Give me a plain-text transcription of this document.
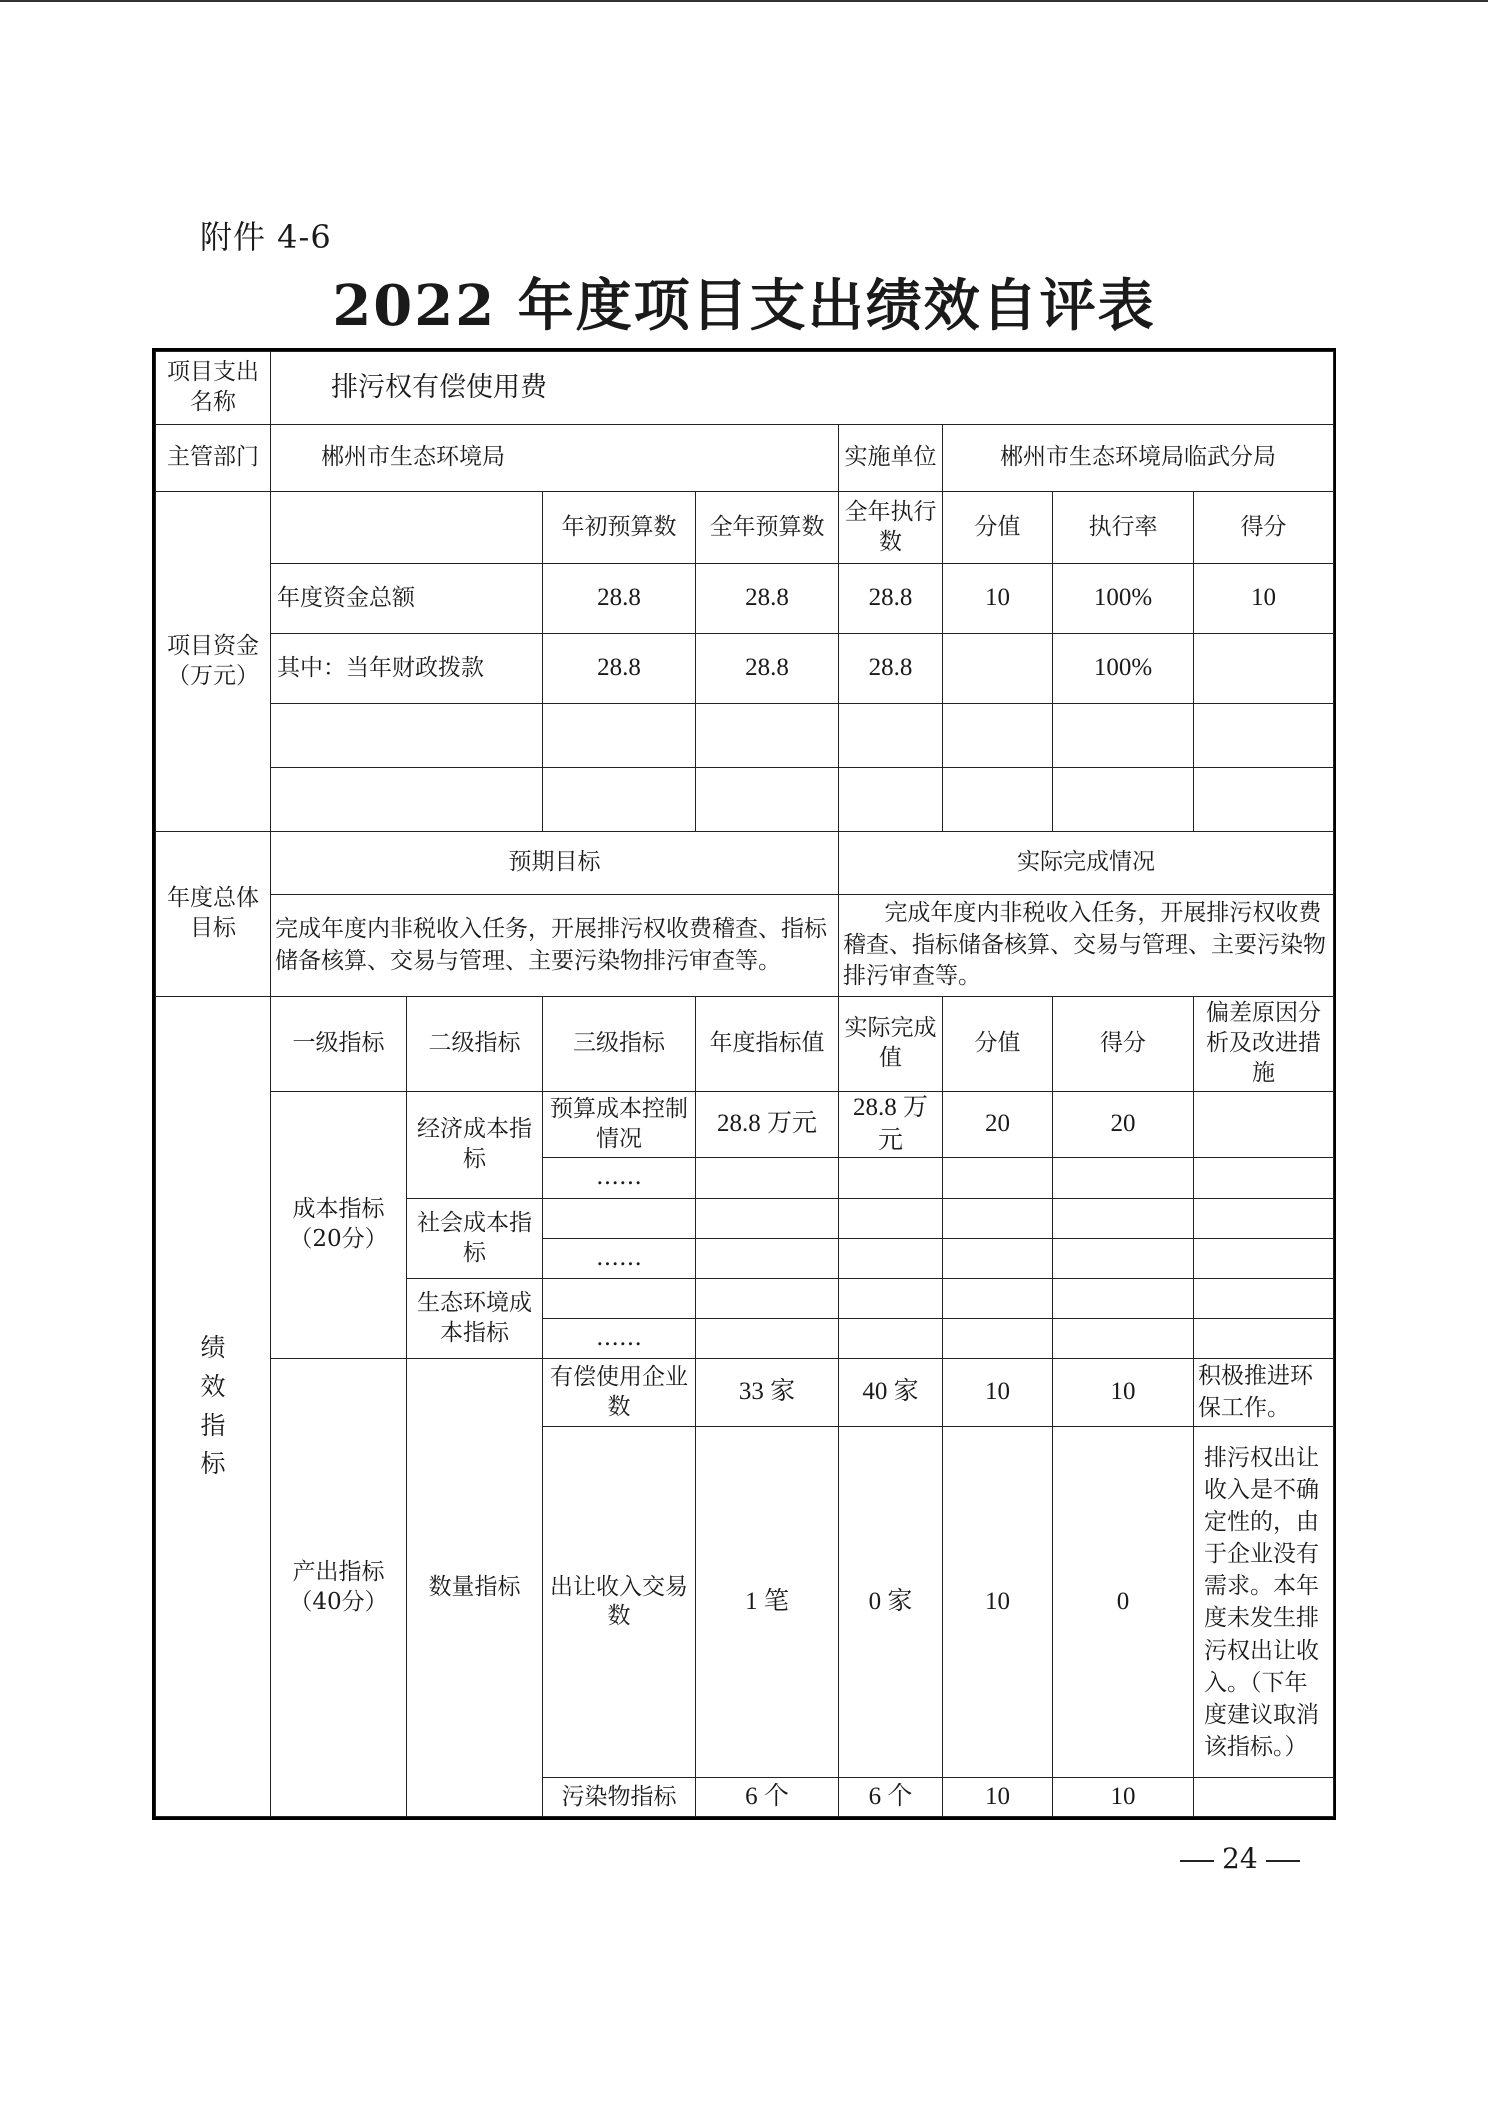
附件 4-6
2022 年度项目支出绩效自评表
项目支出名称	排污权有偿使用费							
主管部门	郴州市生态环境局				实施单位	郴州市生态环境局临武分局		
项目资金（万元）			年初预算数	全年预算数	全年执行数	分值	执行率	得分
	年度资金总额		28.8	28.8	28.8	10	100%	10
	其中：当年财政拨款		28.8	28.8	28.8		100%	

年度总体目标	预期目标				实际完成情况			
	完成年度内非税收入任务，开展排污权收费稽查、指标储备核算、交易与管理、主要污染物排污审查等。				完成年度内非税收入任务，开展排污权收费稽查、指标储备核算、交易与管理、主要污染物排污审查等。			
绩效指标	一级指标	二级指标	三级指标	年度指标值	实际完成值	分值	得分	偏差原因分析及改进措施
	成本指标（20分）	经济成本指标	预算成本控制情况	28.8 万元	28.8 万元	20	20	
			……					
		社会成本指标						
			……					
		生态环境成本指标						
			……					
	产出指标（40分）	数量指标	有偿使用企业数	33 家	40 家	10	10	积极推进环保工作。
			出让收入交易数	1 笔	0 家	10	0	排污权出让收入是不确定性的，由于企业没有需求。本年度未发生排污权出让收入。（下年度建议取消该指标。）
			污染物指标	6 个	6 个	10	10	
24
